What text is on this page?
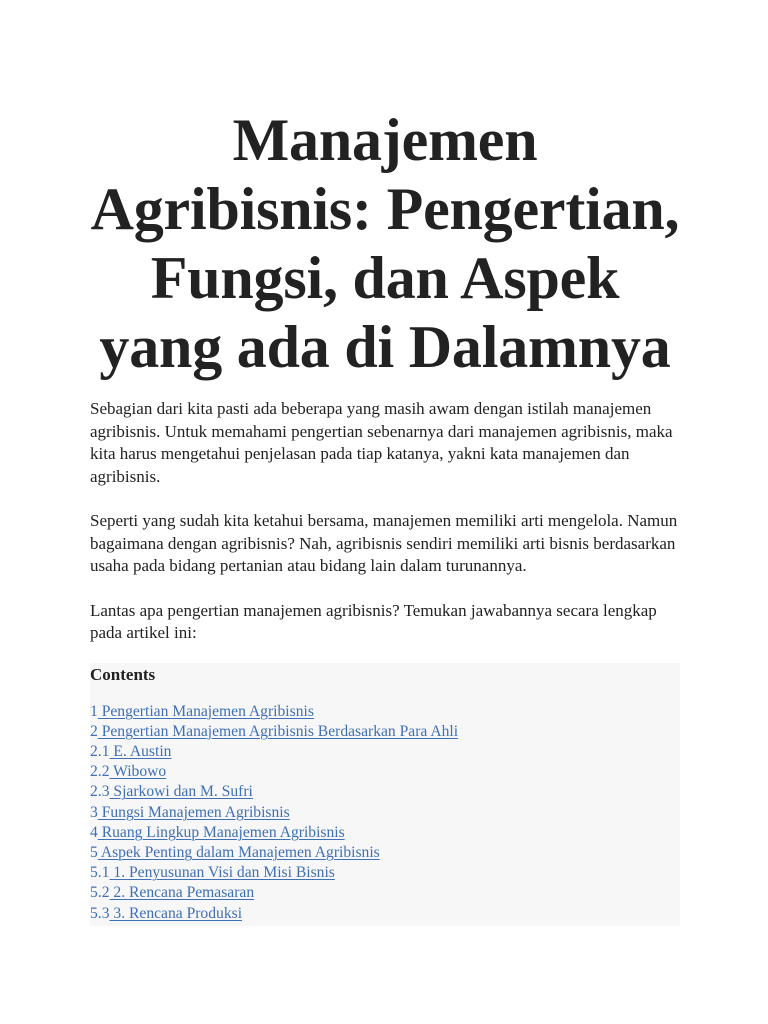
Manajemen Agribisnis: Pengertian, Fungsi, dan Aspek yang ada di Dalamnya

Sebagian dari kita pasti ada beberapa yang masih awam dengan istilah manajemen agribisnis. Untuk memahami pengertian sebenarnya dari manajemen agribisnis, maka kita harus mengetahui penjelasan pada tiap katanya, yakni kata manajemen dan agribisnis.

Seperti yang sudah kita ketahui bersama, manajemen memiliki arti mengelola. Namun bagaimana dengan agribisnis? Nah, agribisnis sendiri memiliki arti bisnis berdasarkan usaha pada bidang pertanian atau bidang lain dalam turunannya.

Lantas apa pengertian manajemen agribisnis? Temukan jawabannya secara lengkap pada artikel ini:

Contents
1 Pengertian Manajemen Agribisnis
2 Pengertian Manajemen Agribisnis Berdasarkan Para Ahli
2.1 E. Austin
2.2 Wibowo
2.3 Sjarkowi dan M. Sufri
3 Fungsi Manajemen Agribisnis
4 Ruang Lingkup Manajemen Agribisnis
5 Aspek Penting dalam Manajemen Agribisnis
5.1 1. Penyusunan Visi dan Misi Bisnis
5.2 2. Rencana Pemasaran
5.3 3. Rencana Produksi
